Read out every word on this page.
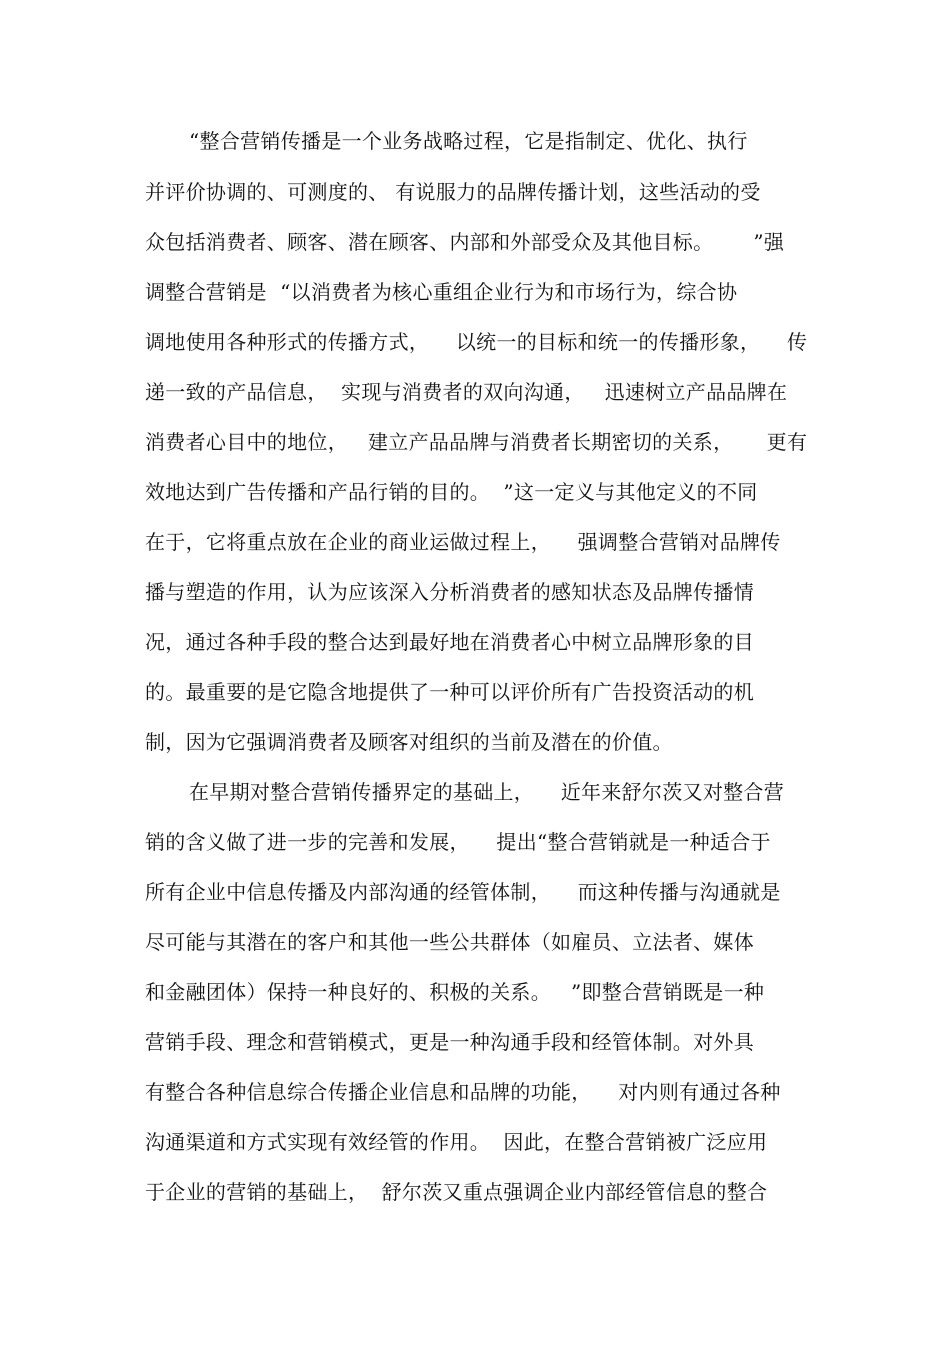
“整合营销传播是一个业务战略过程，它是指制定、优化、执行
并评价协调的、可测度的、 有说服力的品牌传播计划，这些活动的受
众包括消费者、顾客、潜在顾客、内部和外部受众及其他目标。      ”强
调整合营销是  “以消费者为核心重组企业行为和市场行为，综合协
调地使用各种形式的传播方式，    以统一的目标和统一的传播形象，    传
递一致的产品信息，  实现与消费者的双向沟通，   迅速树立产品品牌在
消费者心目中的地位，   建立产品品牌与消费者长期密切的关系，     更有
效地达到广告传播和产品行销的目的。  ”这一定义与其他定义的不同
在于，它将重点放在企业的商业运做过程上，    强调整合营销对品牌传
播与塑造的作用，认为应该深入分析消费者的感知状态及品牌传播情
况，通过各种手段的整合达到最好地在消费者心中树立品牌形象的目
的。最重要的是它隐含地提供了一种可以评价所有广告投资活动的机
制，因为它强调消费者及顾客对组织的当前及潜在的价值。
在早期对整合营销传播界定的基础上，    近年来舒尔茨又对整合营
销的含义做了进一步的完善和发展，    提出“整合营销就是一种适合于
所有企业中信息传播及内部沟通的经管体制，    而这种传播与沟通就是
尽可能与其潜在的客户和其他一些公共群体（如雇员、立法者、媒体
和金融团体）保持一种良好的、积极的关系。   ”即整合营销既是一种
营销手段、理念和营销模式，更是一种沟通手段和经管体制。对外具
有整合各种信息综合传播企业信息和品牌的功能，    对内则有通过各种
沟通渠道和方式实现有效经管的作用。  因此，在整合营销被广泛应用
于企业的营销的基础上，  舒尔茨又重点强调企业内部经管信息的整合
